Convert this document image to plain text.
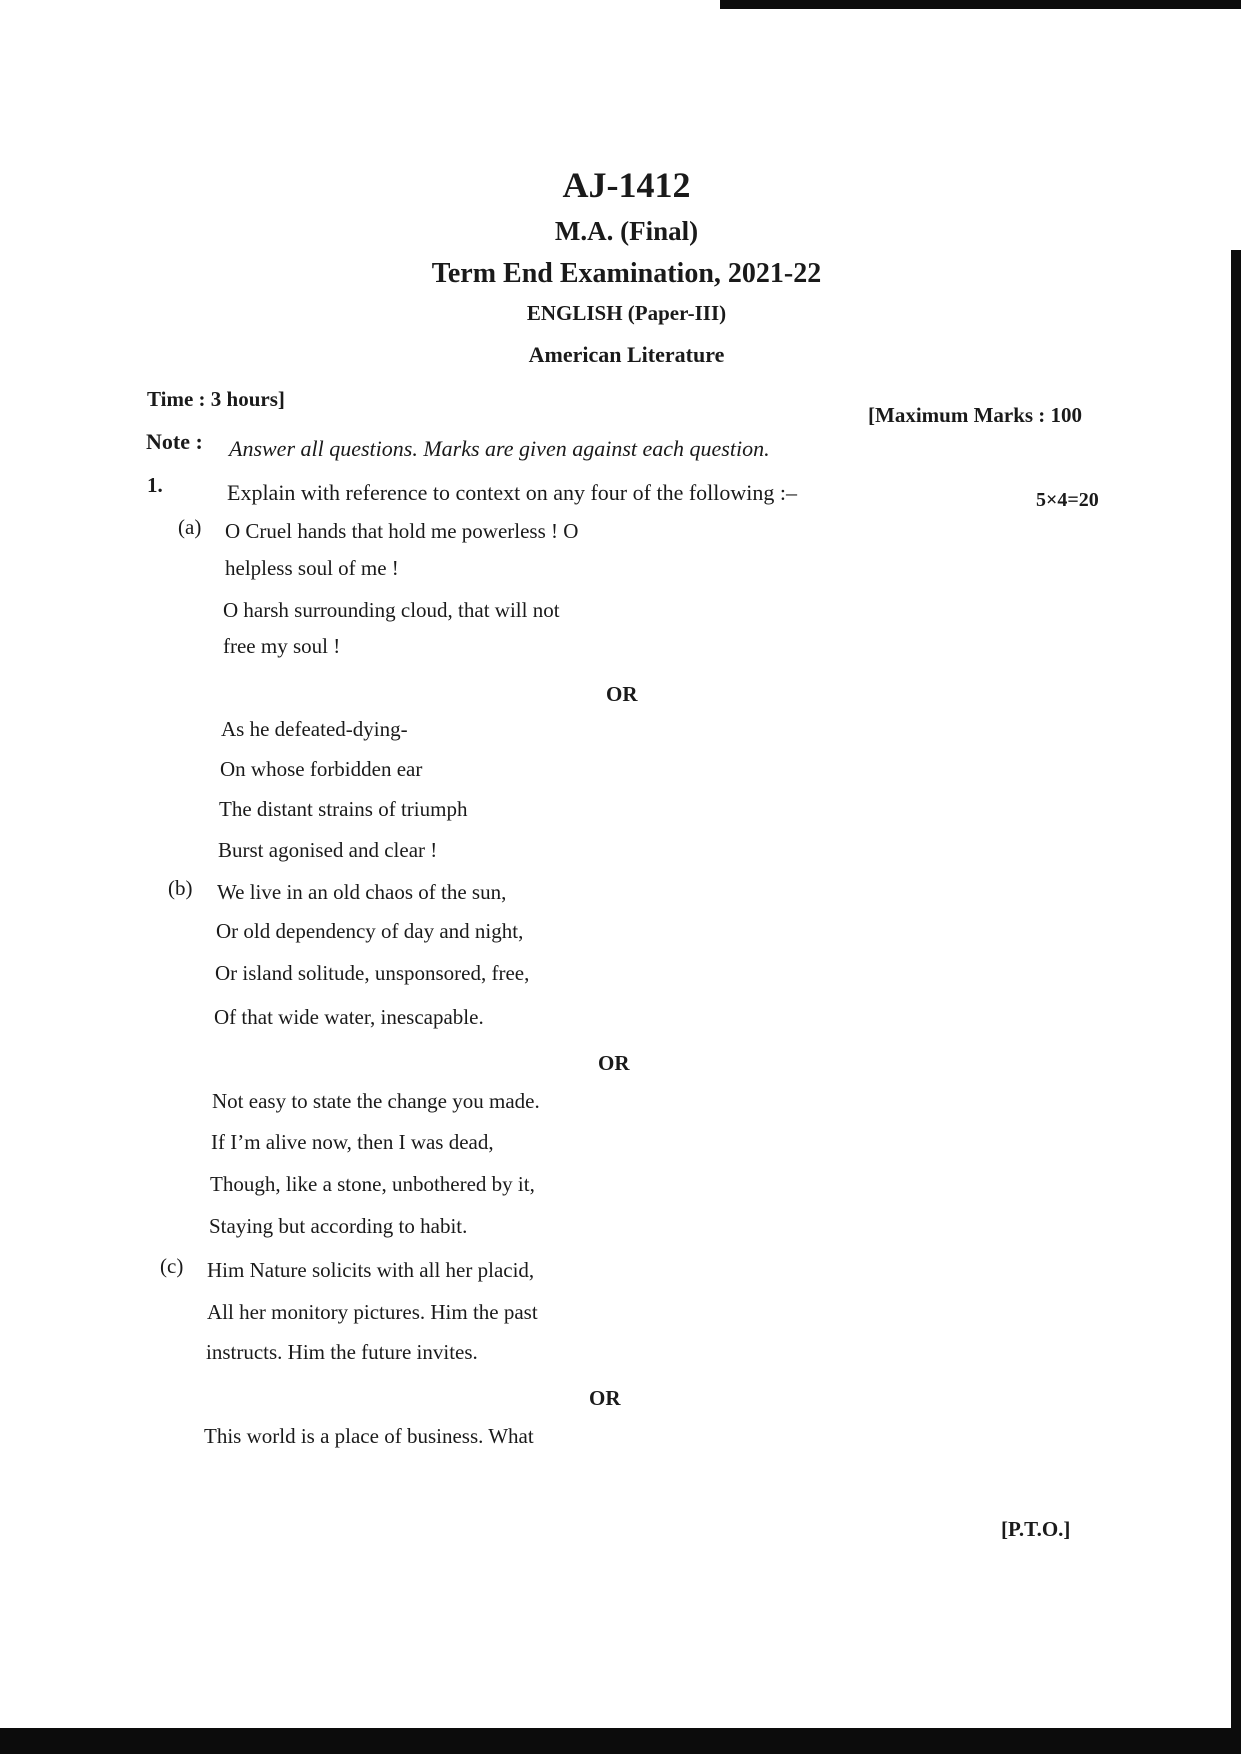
AJ-1412
M.A. (Final)
Term End Examination, 2021-22
ENGLISH (Paper-III)
American Literature
Time : 3 hours]
[Maximum Marks : 100
Note : Answer all questions. Marks are given against each question.
1.	Explain with reference to context on any four of the following :–	5×4=20
(a) O Cruel hands that hold me powerless ! O
helpless soul of me !
O harsh surrounding cloud, that will not
free my soul !
OR
As he defeated-dying-
On whose forbidden ear
The distant strains of triumph
Burst agonised and clear !
(b) We live in an old chaos of the sun,
Or old dependency of day and night,
Or island solitude, unsponsored, free,
Of that wide water, inescapable.
OR
Not easy to state the change you made.
If I’m alive now, then I was dead,
Though, like a stone, unbothered by it,
Staying but according to habit.
(c) Him Nature solicits with all her placid,
All her monitory pictures. Him the past
instructs. Him the future invites.
OR
This world is a place of business. What
[P.T.O.]
